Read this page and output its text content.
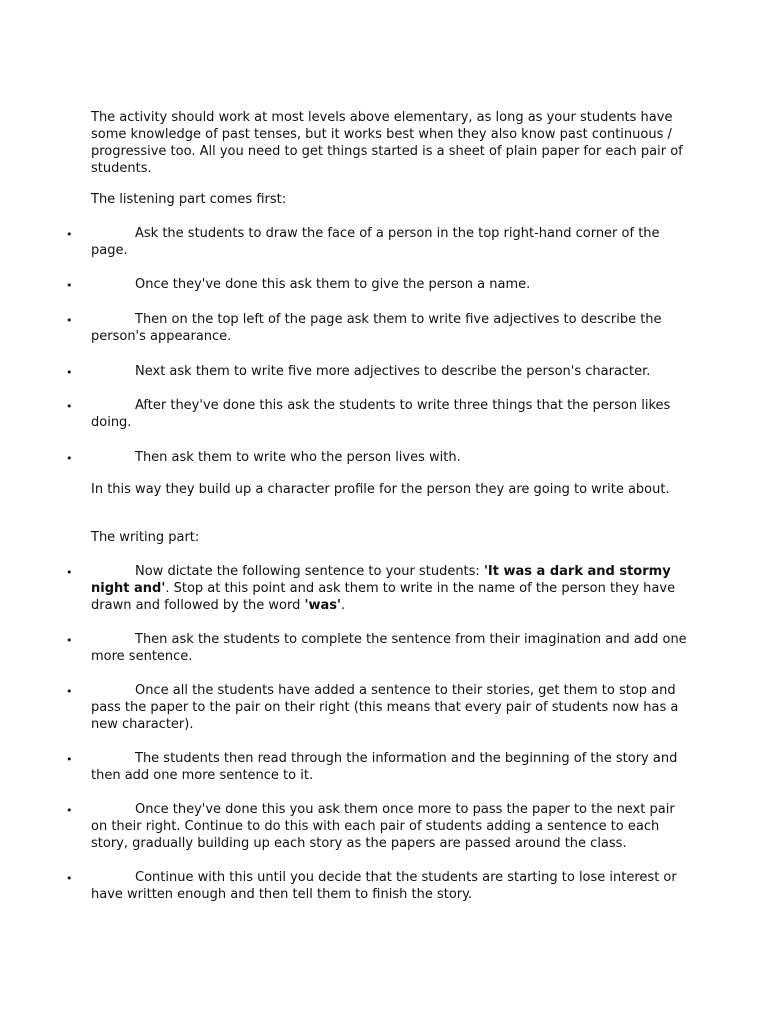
The activity should work at most levels above elementary, as long as your students have some knowledge of past tenses, but it works best when they also know past continuous / progressive too. All you need to get things started is a sheet of plain paper for each pair of students.

The listening part comes first:

•	Ask the students to draw the face of a person in the top right-hand corner of the page.

•	Once they've done this ask them to give the person a name.

•	Then on the top left of the page ask them to write five adjectives to describe the person's appearance.

•	Next ask them to write five more adjectives to describe the person's character.

•	After they've done this ask the students to write three things that the person likes doing.

•	Then ask them to write who the person lives with.

In this way they build up a character profile for the person they are going to write about.

The writing part:

•	Now dictate the following sentence to your students: 'It was a dark and stormy night and'. Stop at this point and ask them to write in the name of the person they have drawn and followed by the word 'was'.

•	Then ask the students to complete the sentence from their imagination and add one more sentence.

•	Once all the students have added a sentence to their stories, get them to stop and pass the paper to the pair on their right (this means that every pair of students now has a new character).

•	The students then read through the information and the beginning of the story and then add one more sentence to it.

•	Once they've done this you ask them once more to pass the paper to the next pair on their right. Continue to do this with each pair of students adding a sentence to each story, gradually building up each story as the papers are passed around the class.

•	Continue with this until you decide that the students are starting to lose interest or have written enough and then tell them to finish the story.
